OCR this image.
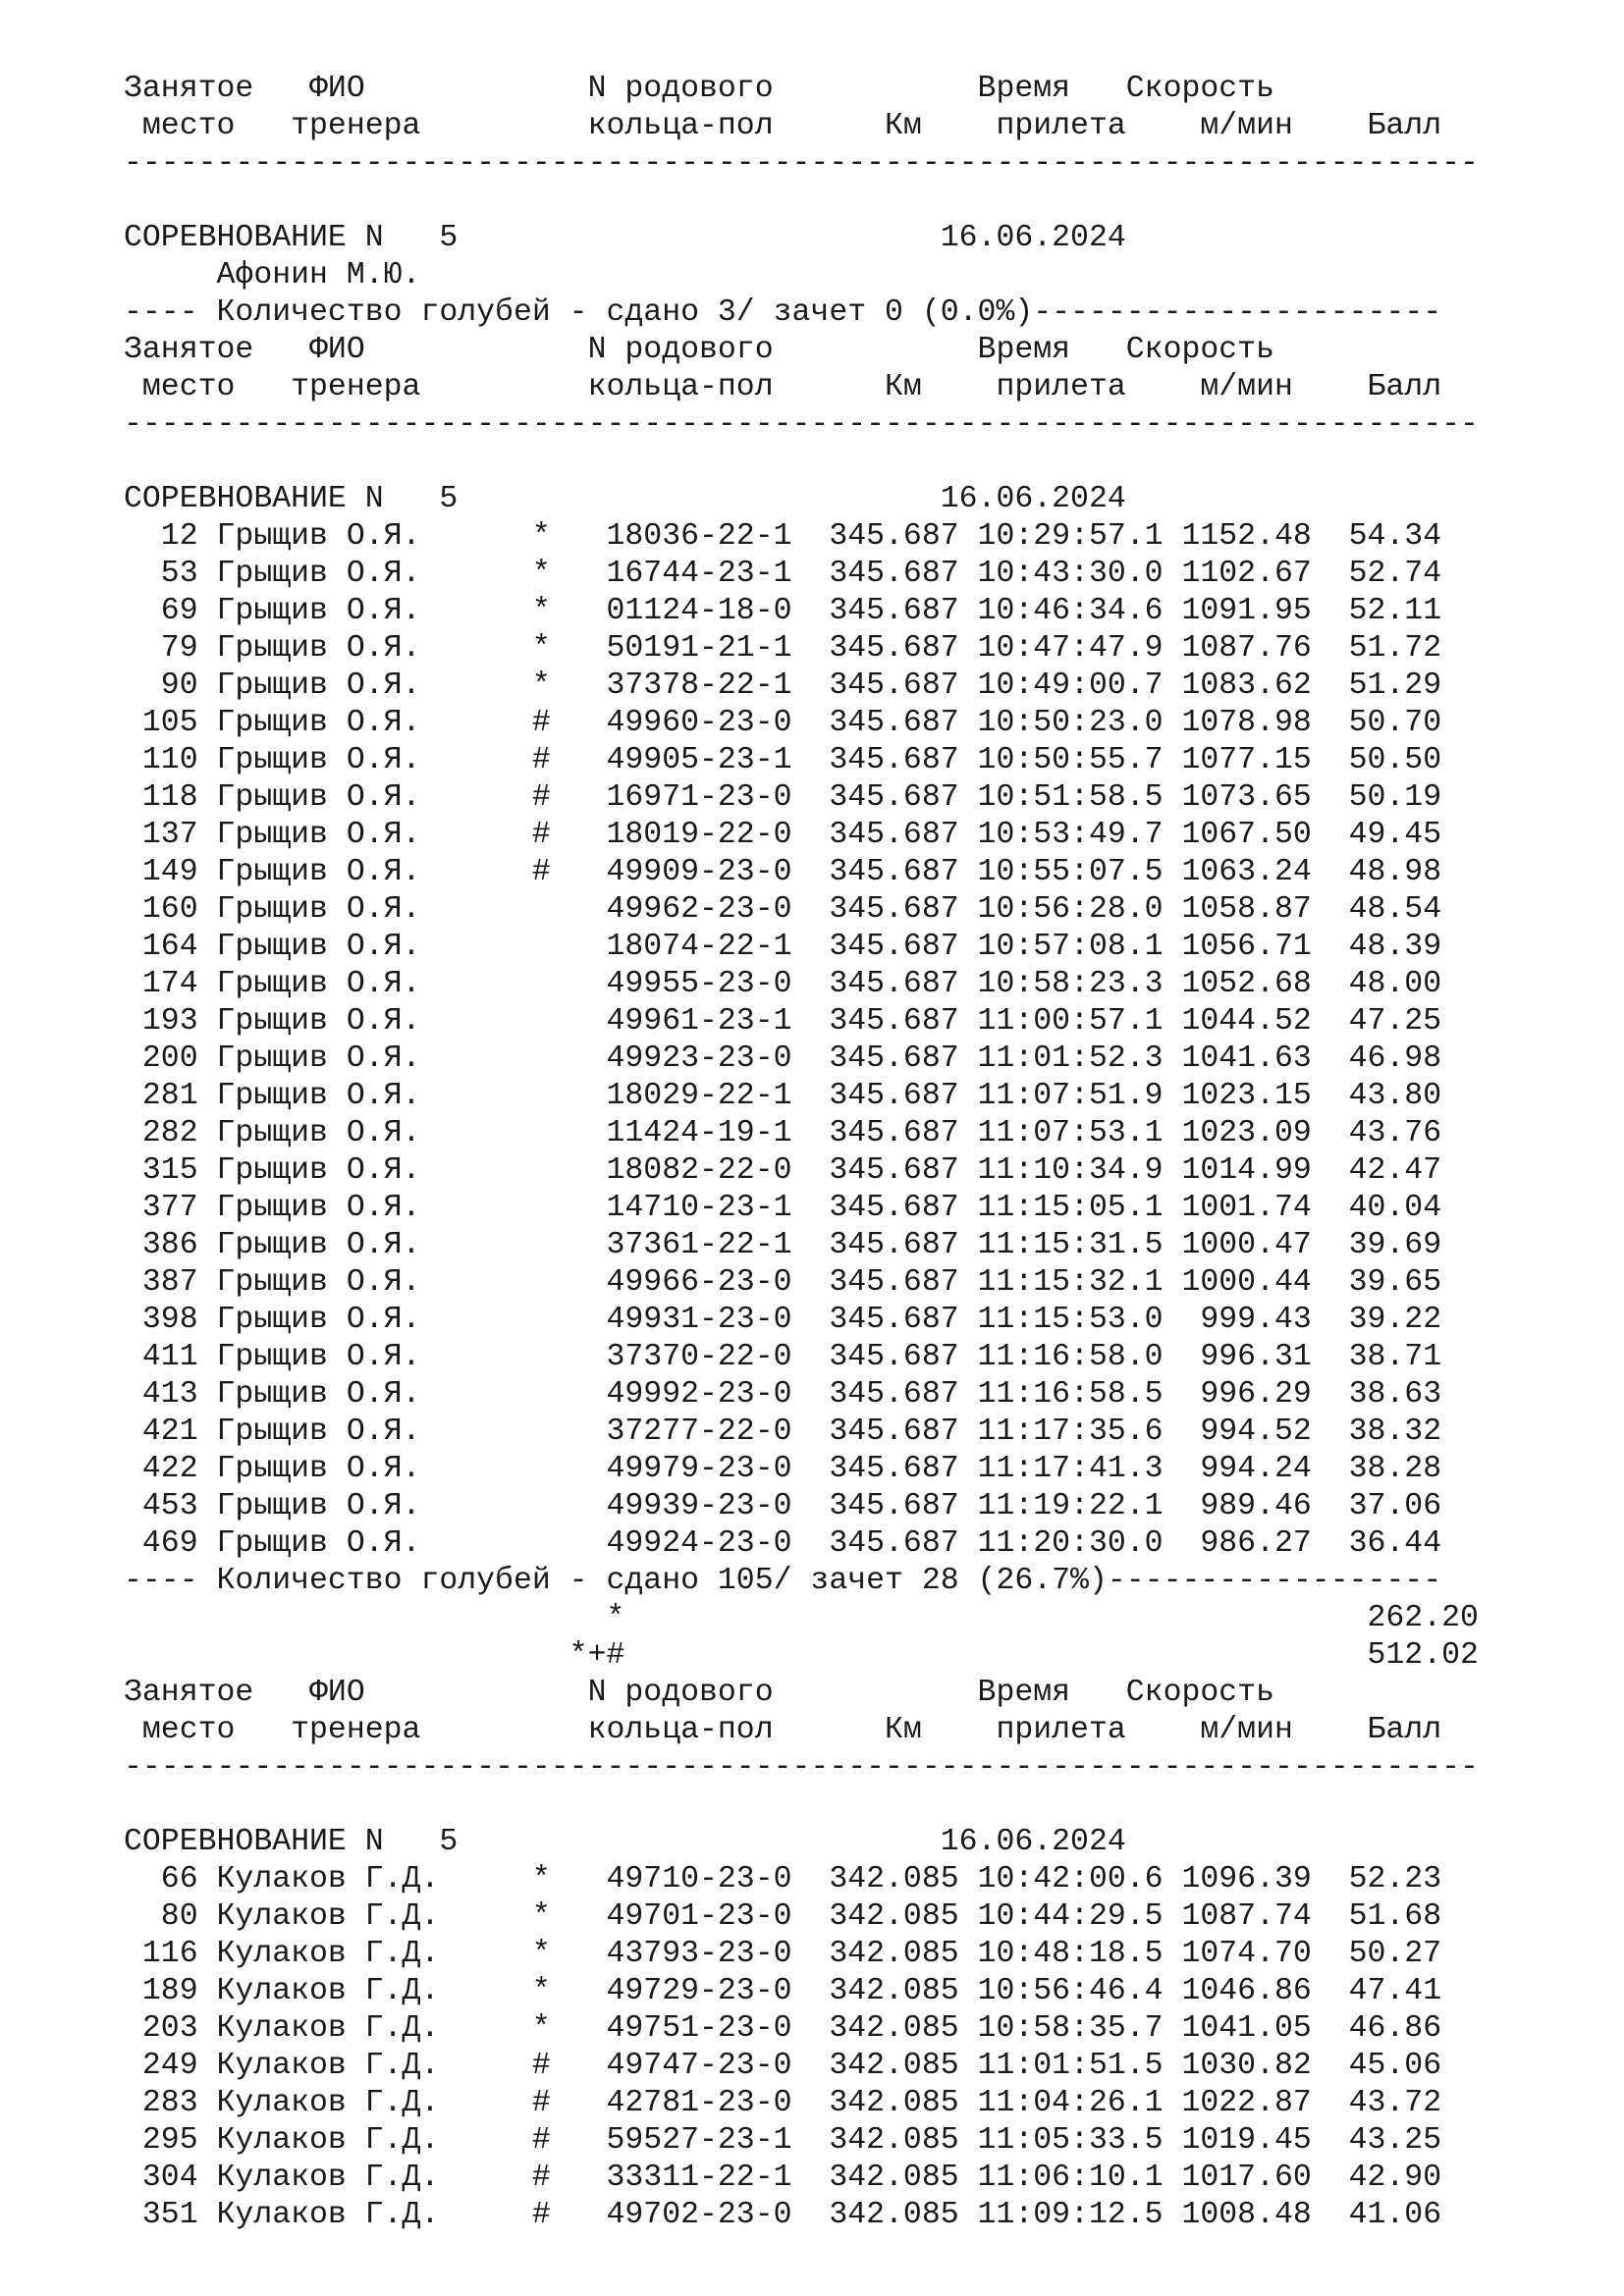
Занятое   ФИО            N родового           Время   Скорость
место   тренера         кольца-пол      Км    прилета    м/мин    Балл
-------------------------------------------------------------------------
СОРЕВНОВАНИЕ N   5                          16.06.2024
Афонин М.Ю.
---- Количество голубей - сдано 3/ зачет 0 (0.0%)----------------------
Занятое   ФИО            N родового           Время   Скорость
место   тренера         кольца-пол      Км    прилета    м/мин    Балл
-------------------------------------------------------------------------
СОРЕВНОВАНИЕ N   5                          16.06.2024
12 Грыщив О.Я.      *   18036-22-1  345.687 10:29:57.1 1152.48  54.34
53 Грыщив О.Я.      *   16744-23-1  345.687 10:43:30.0 1102.67  52.74
69 Грыщив О.Я.      *   01124-18-0  345.687 10:46:34.6 1091.95  52.11
79 Грыщив О.Я.      *   50191-21-1  345.687 10:47:47.9 1087.76  51.72
90 Грыщив О.Я.      *   37378-22-1  345.687 10:49:00.7 1083.62  51.29
105 Грыщив О.Я.      #   49960-23-0  345.687 10:50:23.0 1078.98  50.70
110 Грыщив О.Я.      #   49905-23-1  345.687 10:50:55.7 1077.15  50.50
118 Грыщив О.Я.      #   16971-23-0  345.687 10:51:58.5 1073.65  50.19
137 Грыщив О.Я.      #   18019-22-0  345.687 10:53:49.7 1067.50  49.45
149 Грыщив О.Я.      #   49909-23-0  345.687 10:55:07.5 1063.24  48.98
160 Грыщив О.Я.          49962-23-0  345.687 10:56:28.0 1058.87  48.54
164 Грыщив О.Я.          18074-22-1  345.687 10:57:08.1 1056.71  48.39
174 Грыщив О.Я.          49955-23-0  345.687 10:58:23.3 1052.68  48.00
193 Грыщив О.Я.          49961-23-1  345.687 11:00:57.1 1044.52  47.25
200 Грыщив О.Я.          49923-23-0  345.687 11:01:52.3 1041.63  46.98
281 Грыщив О.Я.          18029-22-1  345.687 11:07:51.9 1023.15  43.80
282 Грыщив О.Я.          11424-19-1  345.687 11:07:53.1 1023.09  43.76
315 Грыщив О.Я.          18082-22-0  345.687 11:10:34.9 1014.99  42.47
377 Грыщив О.Я.          14710-23-1  345.687 11:15:05.1 1001.74  40.04
386 Грыщив О.Я.          37361-22-1  345.687 11:15:31.5 1000.47  39.69
387 Грыщив О.Я.          49966-23-0  345.687 11:15:32.1 1000.44  39.65
398 Грыщив О.Я.          49931-23-0  345.687 11:15:53.0  999.43  39.22
411 Грыщив О.Я.          37370-22-0  345.687 11:16:58.0  996.31  38.71
413 Грыщив О.Я.          49992-23-0  345.687 11:16:58.5  996.29  38.63
421 Грыщив О.Я.          37277-22-0  345.687 11:17:35.6  994.52  38.32
422 Грыщив О.Я.          49979-23-0  345.687 11:17:41.3  994.24  38.28
453 Грыщив О.Я.          49939-23-0  345.687 11:19:22.1  989.46  37.06
469 Грыщив О.Я.          49924-23-0  345.687 11:20:30.0  986.27  36.44
---- Количество голубей - сдано 105/ зачет 28 (26.7%)------------------
*                                        262.20
*+#                                        512.02
Занятое   ФИО            N родового           Время   Скорость
место   тренера         кольца-пол      Км    прилета    м/мин    Балл
-------------------------------------------------------------------------
СОРЕВНОВАНИЕ N   5                          16.06.2024
66 Кулаков Г.Д.     *   49710-23-0  342.085 10:42:00.6 1096.39  52.23
80 Кулаков Г.Д.     *   49701-23-0  342.085 10:44:29.5 1087.74  51.68
116 Кулаков Г.Д.     *   43793-23-0  342.085 10:48:18.5 1074.70  50.27
189 Кулаков Г.Д.     *   49729-23-0  342.085 10:56:46.4 1046.86  47.41
203 Кулаков Г.Д.     *   49751-23-0  342.085 10:58:35.7 1041.05  46.86
249 Кулаков Г.Д.     #   49747-23-0  342.085 11:01:51.5 1030.82  45.06
283 Кулаков Г.Д.     #   42781-23-0  342.085 11:04:26.1 1022.87  43.72
295 Кулаков Г.Д.     #   59527-23-1  342.085 11:05:33.5 1019.45  43.25
304 Кулаков Г.Д.     #   33311-22-1  342.085 11:06:10.1 1017.60  42.90
351 Кулаков Г.Д.     #   49702-23-0  342.085 11:09:12.5 1008.48  41.06
